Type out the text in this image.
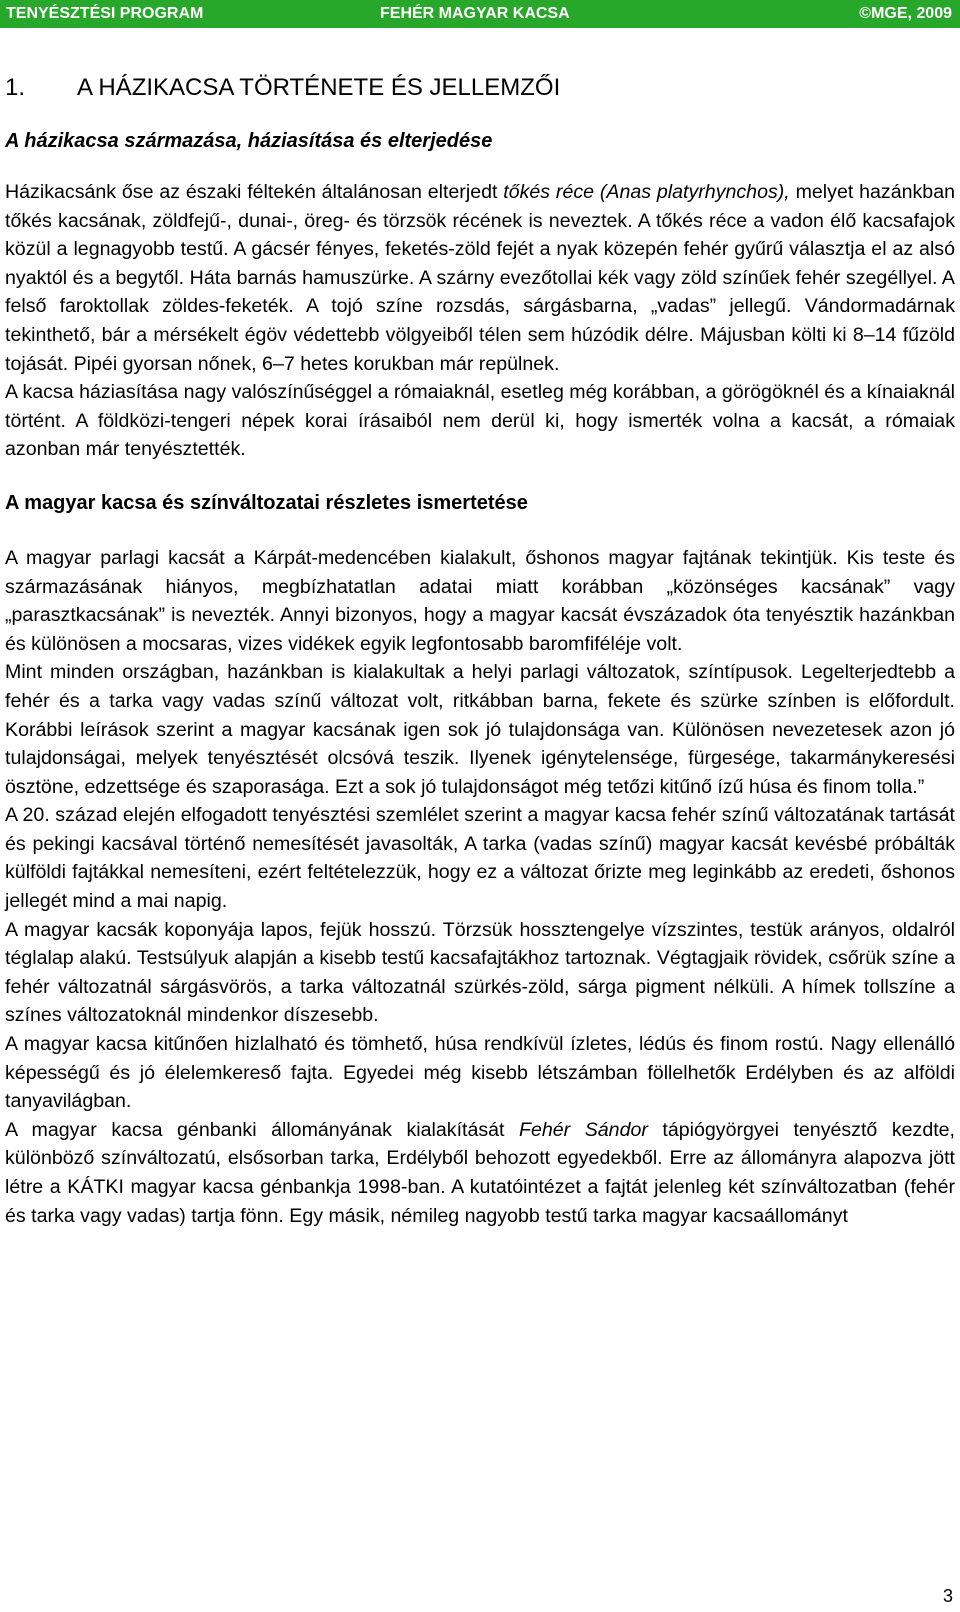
TENYÉSZTÉSI PROGRAM	FEHÉR MAGYAR KACSA	©MGE, 2009
1. A HÁZIKACSA TÖRTÉNETE ÉS JELLEMZŐI
A házikacsa származása, háziasítása és elterjedése

Házikacsánk őse az északi féltekén általánosan elterjedt tőkés réce (Anas platyrhynchos), melyet hazánkban tőkés kacsának, zöldfejű-, dunai-, öreg- és törzsök récének is neveztek. A tőkés réce a vadon élő kacsafajok közül a legnagyobb testű. A gácsér fényes, feketés-zöld fejét a nyak közepén fehér gyűrű választja el az alsó nyaktól és a begytől. Háta barnás hamuszürke. A szárny evezőtollai kék vagy zöld színűek fehér szegéllyel. A felső faroktollak zöldes-feketék. A tojó színe rozsdás, sárgásbarna, „vadas” jellegű. Vándormadárnak tekinthető, bár a mérsékelt égöv védettebb völgyeiből télen sem húzódik délre. Májusban költi ki 8–14 fűzöld tojását. Pipéi gyorsan nőnek, 6–7 hetes korukban már repülnek.

A kacsa háziasítása nagy valószínűséggel a rómaiaknál, esetleg még korábban, a görögöknél és a kínaiaknál történt. A földközi-tengeri népek korai írásaiból nem derül ki, hogy ismerték volna a kacsát, a rómaiak azonban már tenyésztették.

A magyar kacsa és színváltozatai részletes ismertetése

A magyar parlagi kacsát a Kárpát-medencében kialakult, őshonos magyar fajtának tekintjük. Kis teste és származásának hiányos, megbízhatatlan adatai miatt korábban „közönséges kacsának” vagy „parasztkacsának” is nevezték. Annyi bizonyos, hogy a magyar kacsát évszázadok óta tenyésztik hazánkban és különösen a mocsaras, vizes vidékek egyik legfontosabb baromfiféléje volt.

Mint minden országban, hazánkban is kialakultak a helyi parlagi változatok, színtípusok. Legelterjedtebb a fehér és a tarka vagy vadas színű változat volt, ritkábban barna, fekete és szürke színben is előfordult. Korábbi leírások szerint a magyar kacsának igen sok jó tulajdonsága van. Különösen nevezetesek azon jó tulajdonságai, melyek tenyésztését olcsóvá teszik. Ilyenek igénytelensége, fürgesége, takarmánykeresési ösztöne, edzettsége és szaporasága. Ezt a sok jó tulajdonságot még tetőzi kitűnő ízű húsa és finom tolla.”

A 20. század elején elfogadott tenyésztési szemlélet szerint a magyar kacsa fehér színű változatának tartását és pekingi kacsával történő nemesítését javasolták, A tarka (vadas színű) magyar kacsát kevésbé próbálták külföldi fajtákkal nemesíteni, ezért feltételezzük, hogy ez a változat őrizte meg leginkább az eredeti, őshonos jellegét mind a mai napig.

A magyar kacsák koponyája lapos, fejük hosszú. Törzsük hossztengelye vízszintes, testük arányos, oldalról téglalap alakú. Testsúlyuk alapján a kisebb testű kacsafajtákhoz tartoznak. Végtagjaik rövidek, csőrük színe a fehér változatnál sárgásvörös, a tarka változatnál szürkés-zöld, sárga pigment nélküli. A hímek tollszíne a színes változatoknál mindenkor díszesebb.

A magyar kacsa kitűnően hizlalható és tömhető, húsa rendkívül ízletes, lédús és finom rostú. Nagy ellenálló képességű és jó élelemkereső fajta. Egyedei még kisebb létszámban föllelhetők Erdélyben és az alföldi tanyavilágban.

A magyar kacsa génbanki állományának kialakítását Fehér Sándor tápiógyörgyei tenyésztő kezdte, különböző színváltozatú, elsősorban tarka, Erdélyből behozott egyedekből. Erre az állományra alapozva jött létre a KÁTKI magyar kacsa génbankja 1998-ban. A kutatóintézet a fajtát jelenleg két színváltozatban (fehér és tarka vagy vadas) tartja fönn. Egy másik, némileg nagyobb testű tarka magyar kacsaállományt

3
